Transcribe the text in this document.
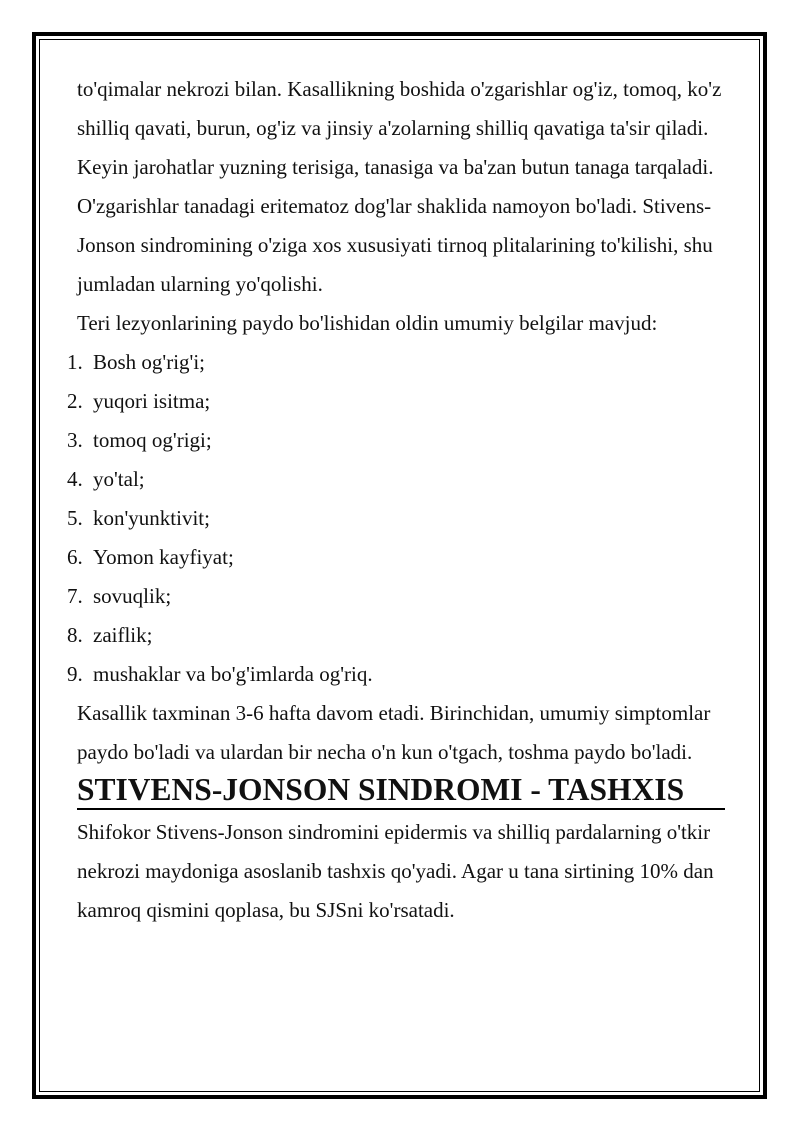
to'qimalar nekrozi bilan. Kasallikning boshida o'zgarishlar og'iz, tomoq, ko'z shilliq qavati, burun, og'iz va jinsiy a'zolarning shilliq qavatiga ta'sir qiladi. Keyin jarohatlar yuzning terisiga, tanasiga va ba'zan butun tanaga tarqaladi. O'zgarishlar tanadagi eritematoz dog'lar shaklida namoyon bo'ladi. Stivens-Jonson sindromining o'ziga xos xususiyati tirnoq plitalarining to'kilishi, shu jumladan ularning yo'qolishi.

Teri lezyonlarining paydo bo'lishidan oldin umumiy belgilar mavjud:

1. Bosh og'rig'i;
2. yuqori isitma;
3. tomoq og'rigi;
4. yo'tal;
5. kon'yunktivit;
6. Yomon kayfiyat;
7. sovuqlik;
8. zaiflik;
9. mushaklar va bo'g'imlarda og'riq.

Kasallik taxminan 3-6 hafta davom etadi. Birinchidan, umumiy simptomlar paydo bo'ladi va ulardan bir necha o'n kun o'tgach, toshma paydo bo'ladi.

STIVENS-JONSON SINDROMI - TASHXIS

Shifokor Stivens-Jonson sindromini epidermis va shilliq pardalarning o'tkir nekrozi maydoniga asoslanib tashxis qo'yadi. Agar u tana sirtining 10% dan kamroq qismini qoplasa, bu SJSni ko'rsatadi.
